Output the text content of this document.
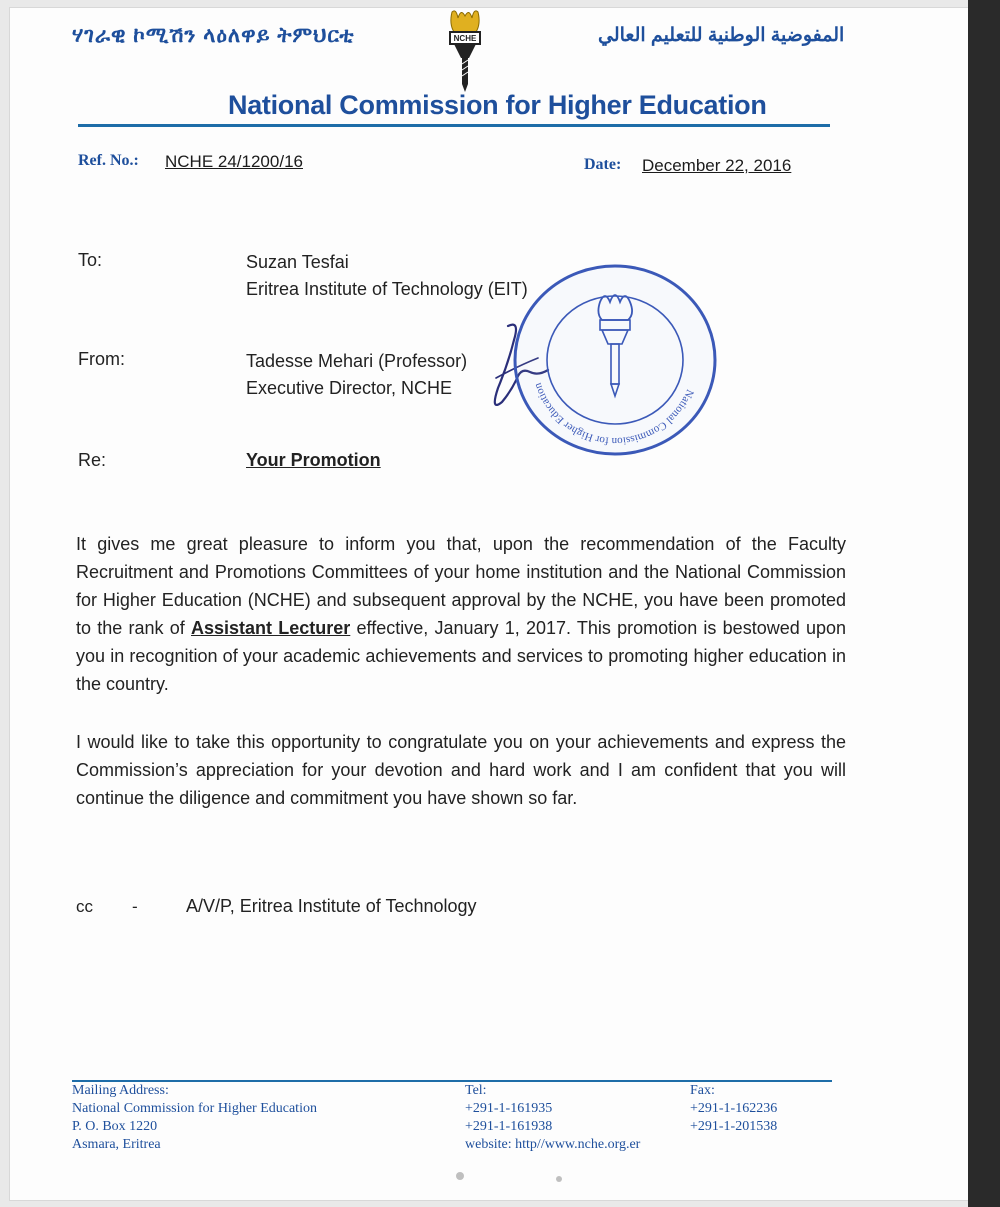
ሃገራዊ ኮሚሽን ላዕለዋይ ትምህርቲ	NCHE	المفوضية الوطنية للتعليم العالي
National Commission for Higher Education
Ref. No.: NCHE 24/1200/16	Date: December 22, 2016
To:	Suzan Tesfai
Eritrea Institute of Technology (EIT)
From:	Tadesse Mehari (Professor)
Executive Director, NCHE
Re:	Your Promotion
National Commission for Higher Education

It gives me great pleasure to inform you that, upon the recommendation of the Faculty Recruitment and Promotions Committees of your home institution and the National Commission for Higher Education (NCHE) and subsequent approval by the NCHE, you have been promoted to the rank of Assistant Lecturer effective, January 1, 2017. This promotion is bestowed upon you in recognition of your academic achievements and services to promoting higher education in the country.

I would like to take this opportunity to congratulate you on your achievements and express the Commission’s appreciation for your devotion and hard work and I am confident that you will continue the diligence and commitment you have shown so far.

cc -	A/V/P, Eritrea Institute of Technology
Mailing Address:
National Commission for Higher Education
P. O. Box 1220
Asmara, Eritrea
Tel:
+291-1-161935
+291-1-161938
website: http//www.nche.org.er
Fax:
+291-1-162236
+291-1-201538
